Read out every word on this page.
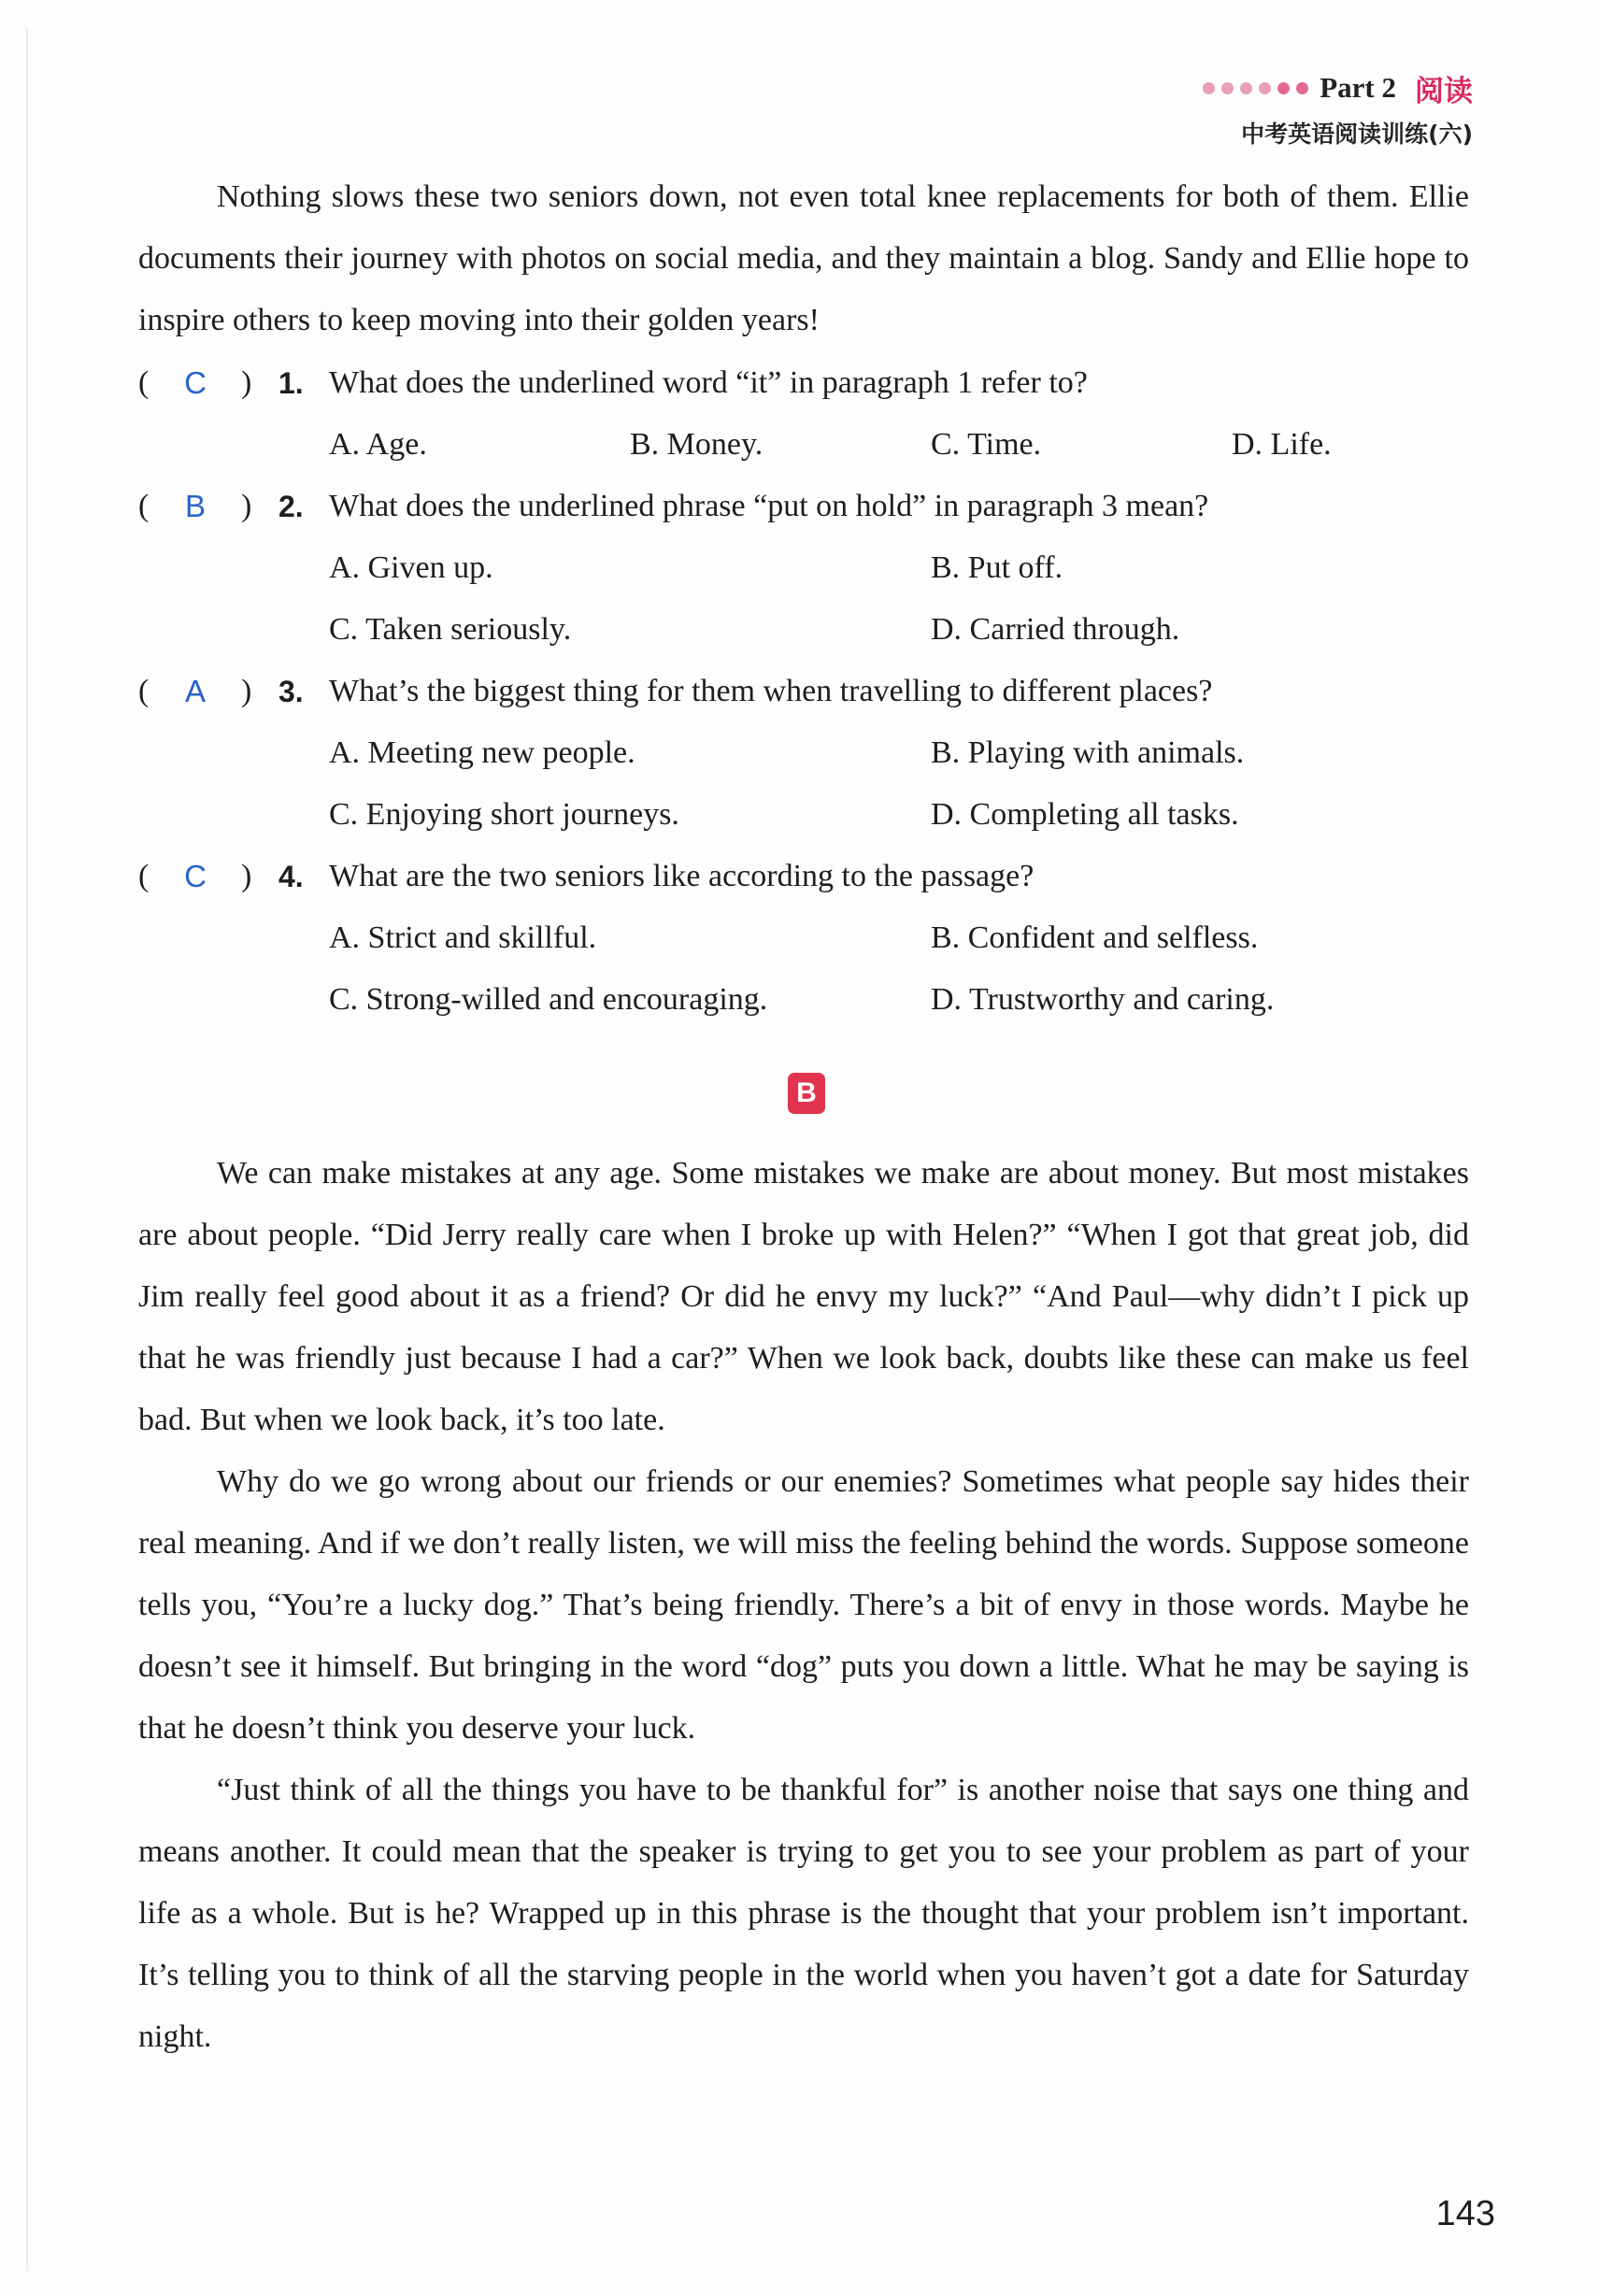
Part 2 阅读
中考英语阅读训练(六)

Nothing slows these two seniors down, not even total knee replacements for both of them. Ellie documents their journey with photos on social media, and they maintain a blog. Sandy and Ellie hope to inspire others to keep moving into their golden years!

( C ) 1. What does the underlined word “it” in paragraph 1 refer to?
A. Age.	B. Money.	C. Time.	D. Life.
( B ) 2. What does the underlined phrase “put on hold” in paragraph 3 mean?
A. Given up.	B. Put off.
C. Taken seriously.	D. Carried through.
( A ) 3. What’s the biggest thing for them when travelling to different places?
A. Meeting new people.	B. Playing with animals.
C. Enjoying short journeys.	D. Completing all tasks.
( C ) 4. What are the two seniors like according to the passage?
A. Strict and skillful.	B. Confident and selfless.
C. Strong-willed and encouraging.	D. Trustworthy and caring.
B

We can make mistakes at any age. Some mistakes we make are about money. But most mistakes are about people. “Did Jerry really care when I broke up with Helen?” “When I got that great job, did Jim really feel good about it as a friend? Or did he envy my luck?” “And Paul—why didn’t I pick up that he was friendly just because I had a car?” When we look back, doubts like these can make us feel bad. But when we look back, it’s too late.

Why do we go wrong about our friends or our enemies? Sometimes what people say hides their real meaning. And if we don’t really listen, we will miss the feeling behind the words. Suppose someone tells you, “You’re a lucky dog.” That’s being friendly. There’s a bit of envy in those words. Maybe he doesn’t see it himself. But bringing in the word “dog” puts you down a little. What he may be saying is that he doesn’t think you deserve your luck.

“Just think of all the things you have to be thankful for” is another noise that says one thing and means another. It could mean that the speaker is trying to get you to see your problem as part of your life as a whole. But is he? Wrapped up in this phrase is the thought that your problem isn’t important. It’s telling you to think of all the starving people in the world when you haven’t got a date for Saturday night.

143
